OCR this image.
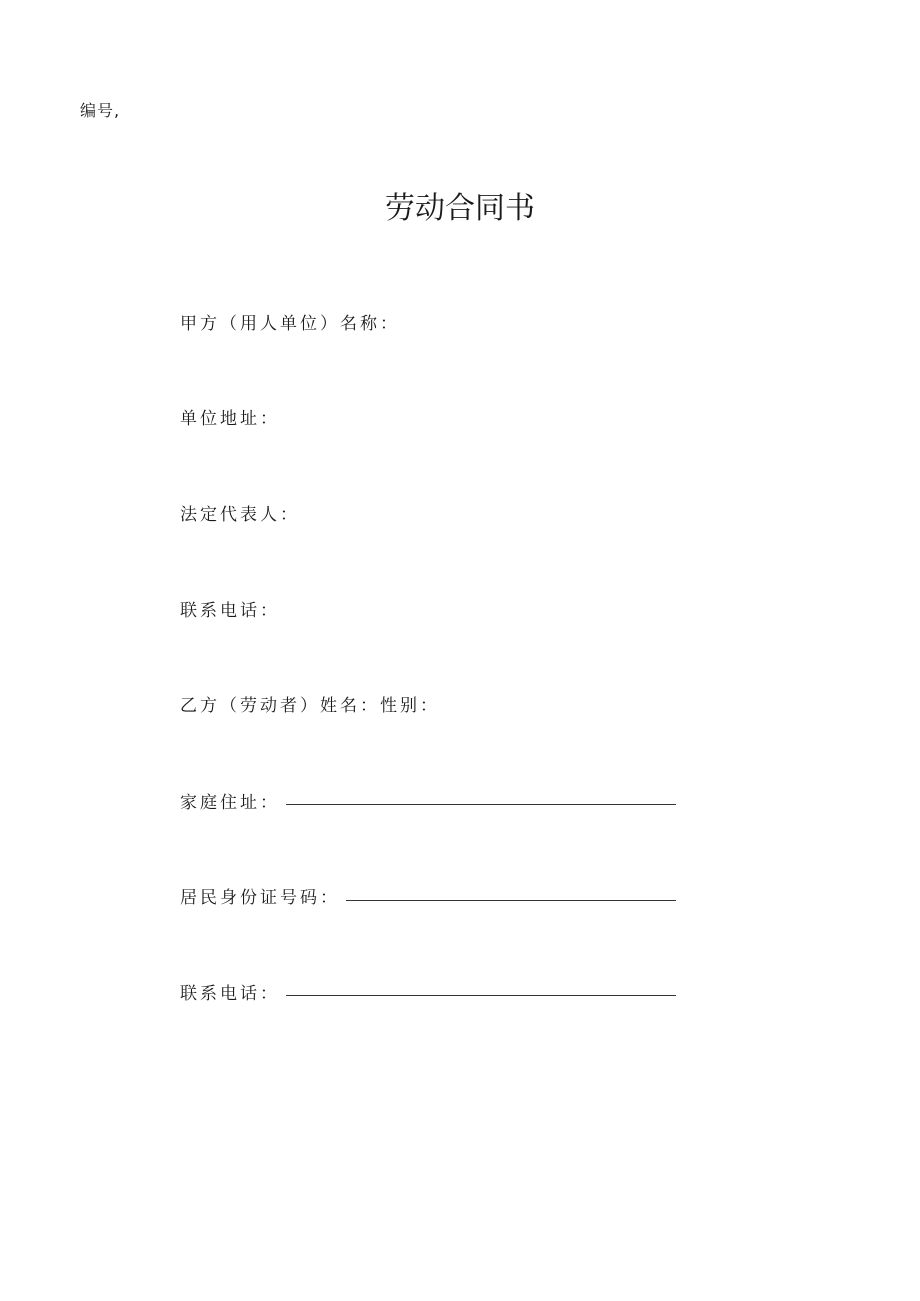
编号,
劳动合同书
甲方（用人单位）名称：
单位地址：
法定代表人：
联系电话：
乙方（劳动者）姓名：性别：
家庭住址：
居民身份证号码：
联系电话：
